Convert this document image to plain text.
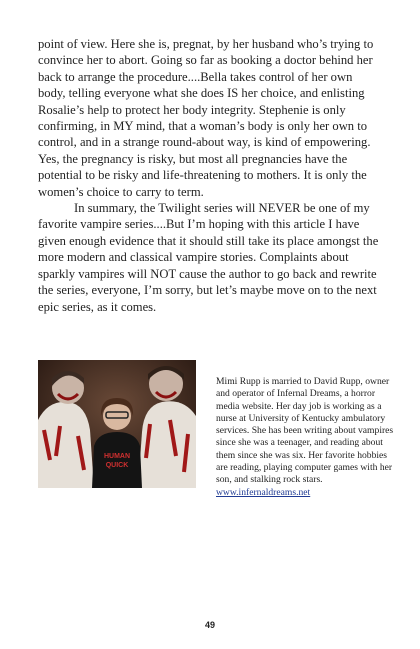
point of view. Here she is, pregnat, by her husband who’s trying to convince her to abort. Going so far as booking a doctor behind her back to arrange the procedure....Bella takes control of her own body, telling everyone what she does IS her choice, and enlisting Rosalie’s help to protect her body integrity. Stephenie is only confirming, in MY mind, that a woman’s body is only her own to control, and in a strange round-about way, is kind of empowering. Yes, the pregnancy is risky, but most all pregnancies have the potential to be risky and life-threatening to mothers. It is only the women’s choice to carry to term.

In summary, the Twilight series will NEVER be one of my favorite vampire series....But I’m hoping with this article I have given enough evidence that it should still take its place amongst the more modern and classical vampire stories. Complaints about sparkly vampires will NOT cause the author to go back and rewrite the series, everyone, I’m sorry, but let’s maybe move on to the next epic series, as it comes.

HUMAN
QUICK

Mimi Rupp is married to David Rupp, owner and operator of Infernal Dreams, a horror media website. Her day job is working as a nurse at University of Kentucky ambulatory services. She has been writing about vampires since she was a teenager, and reading about them since she was six. Her favorite hobbies are reading, playing computer games with her son, and stalking rock stars.

www.infernaldreams.net
49
